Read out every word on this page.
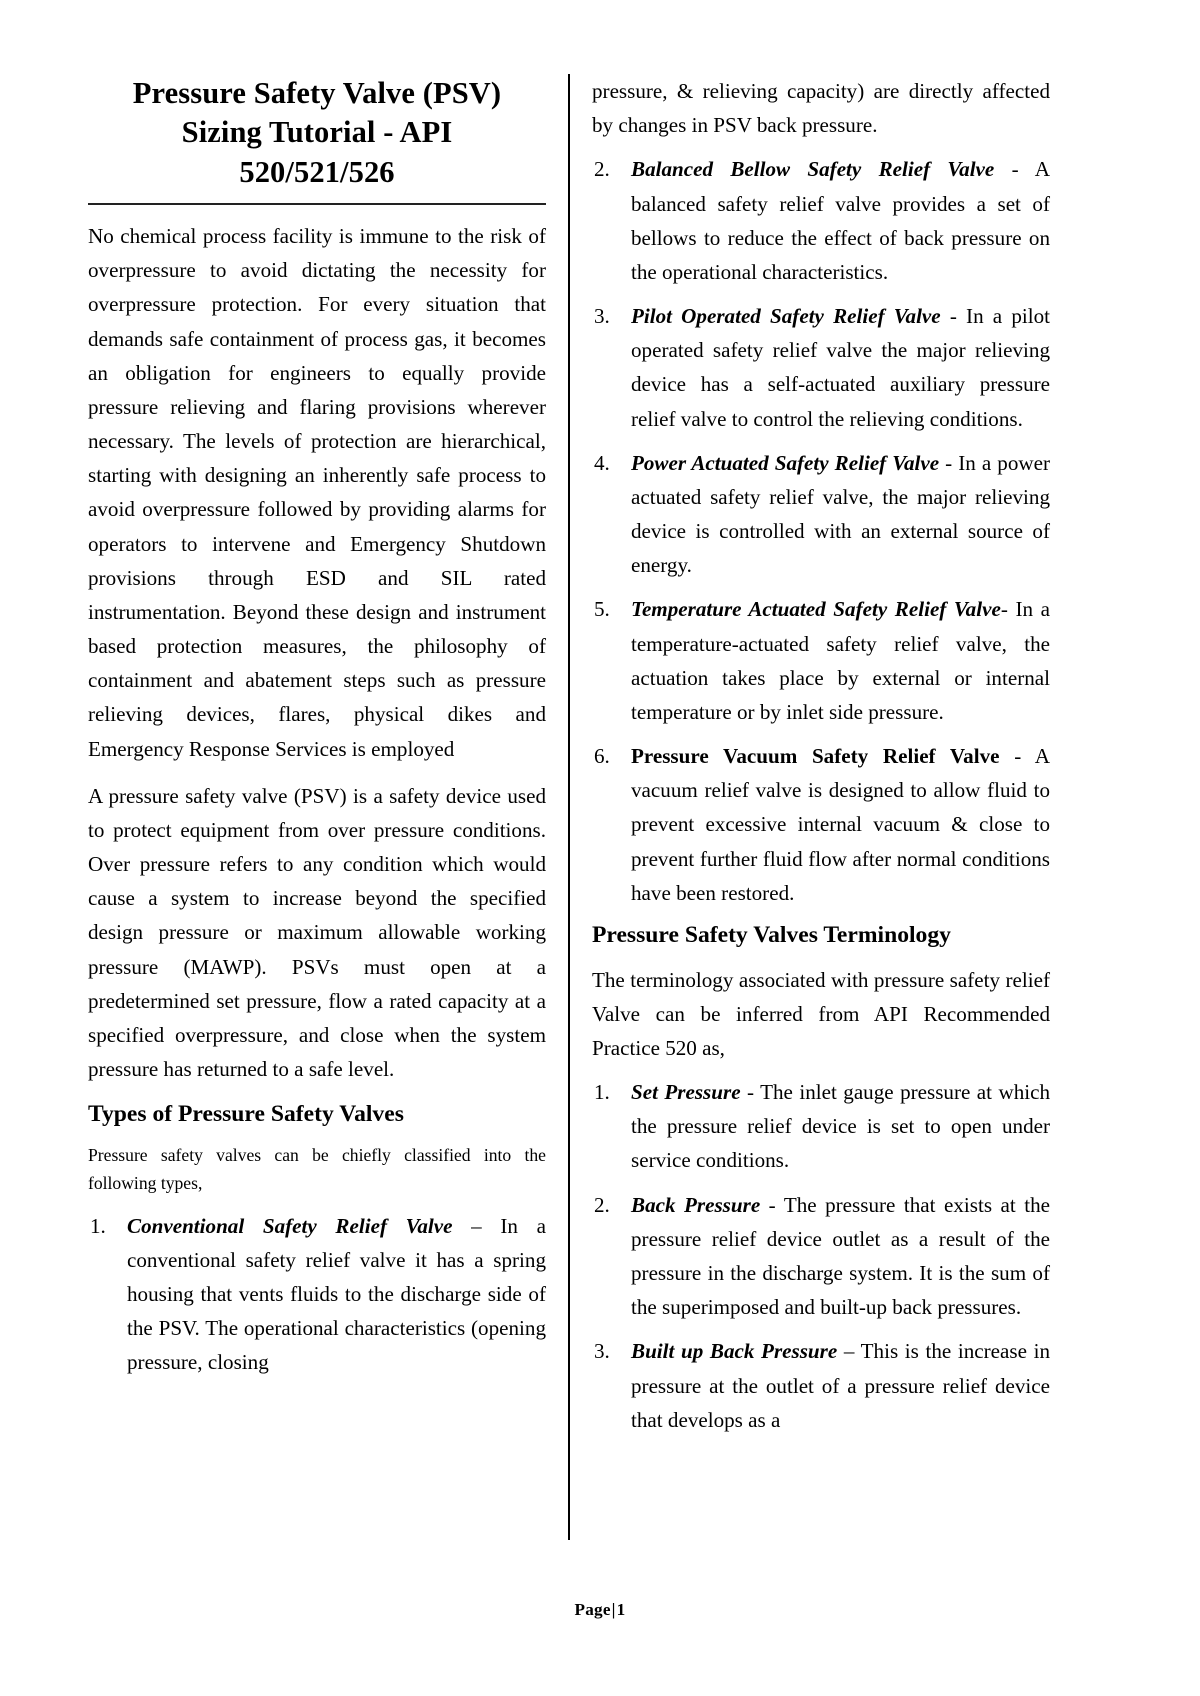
Pressure Safety Valve (PSV)
Sizing Tutorial - API
520/521/526

No chemical process facility is immune to the risk of overpressure to avoid dictating the necessity for overpressure protection. For every situation that demands safe containment of process gas, it becomes an obligation for engineers to equally provide pressure relieving and flaring provisions wherever necessary. The levels of protection are hierarchical, starting with designing an inherently safe process to avoid overpressure followed by providing alarms for operators to intervene and Emergency Shutdown provisions through ESD and SIL rated instrumentation. Beyond these design and instrument based protection measures, the philosophy of containment and abatement steps such as pressure relieving devices, flares, physical dikes and Emergency Response Services is employed

A pressure safety valve (PSV) is a safety device used to protect equipment from over pressure conditions. Over pressure refers to any condition which would cause a system to increase beyond the specified design pressure or maximum allowable working pressure (MAWP). PSVs must open at a predetermined set pressure, flow a rated capacity at a specified overpressure, and close when the system pressure has returned to a safe level.

Types of Pressure Safety Valves

Pressure safety valves can be chiefly classified into the following types,

1.	Conventional Safety Relief Valve – In a conventional safety relief valve it has a spring housing that vents fluids to the discharge side of the PSV. The operational characteristics (opening pressure, closing

pressure, & relieving capacity) are directly affected by changes in PSV back pressure.

2.	Balanced Bellow Safety Relief Valve - A balanced safety relief valve provides a set of bellows to reduce the effect of back pressure on the operational characteristics.
3.	Pilot Operated Safety Relief Valve - In a pilot operated safety relief valve the major relieving device has a self-actuated auxiliary pressure relief valve to control the relieving conditions.
4.	Power Actuated Safety Relief Valve - In a power actuated safety relief valve, the major relieving device is controlled with an external source of energy.
5.	Temperature Actuated Safety Relief Valve- In a temperature-actuated safety relief valve, the actuation takes place by external or internal temperature or by inlet side pressure.
6.	Pressure Vacuum Safety Relief Valve - A vacuum relief valve is designed to allow fluid to prevent excessive internal vacuum & close to prevent further fluid flow after normal conditions have been restored.
Pressure Safety Valves Terminology

The terminology associated with pressure safety relief Valve can be inferred from API Recommended Practice 520 as,

1.	Set Pressure - The inlet gauge pressure at which the pressure relief device is set to open under service conditions.
2.	Back Pressure - The pressure that exists at the pressure relief device outlet as a result of the pressure in the discharge system. It is the sum of the superimposed and built-up back pressures.
3.	Built up Back Pressure – This is the increase in pressure at the outlet of a pressure relief device that develops as a
Page|1
